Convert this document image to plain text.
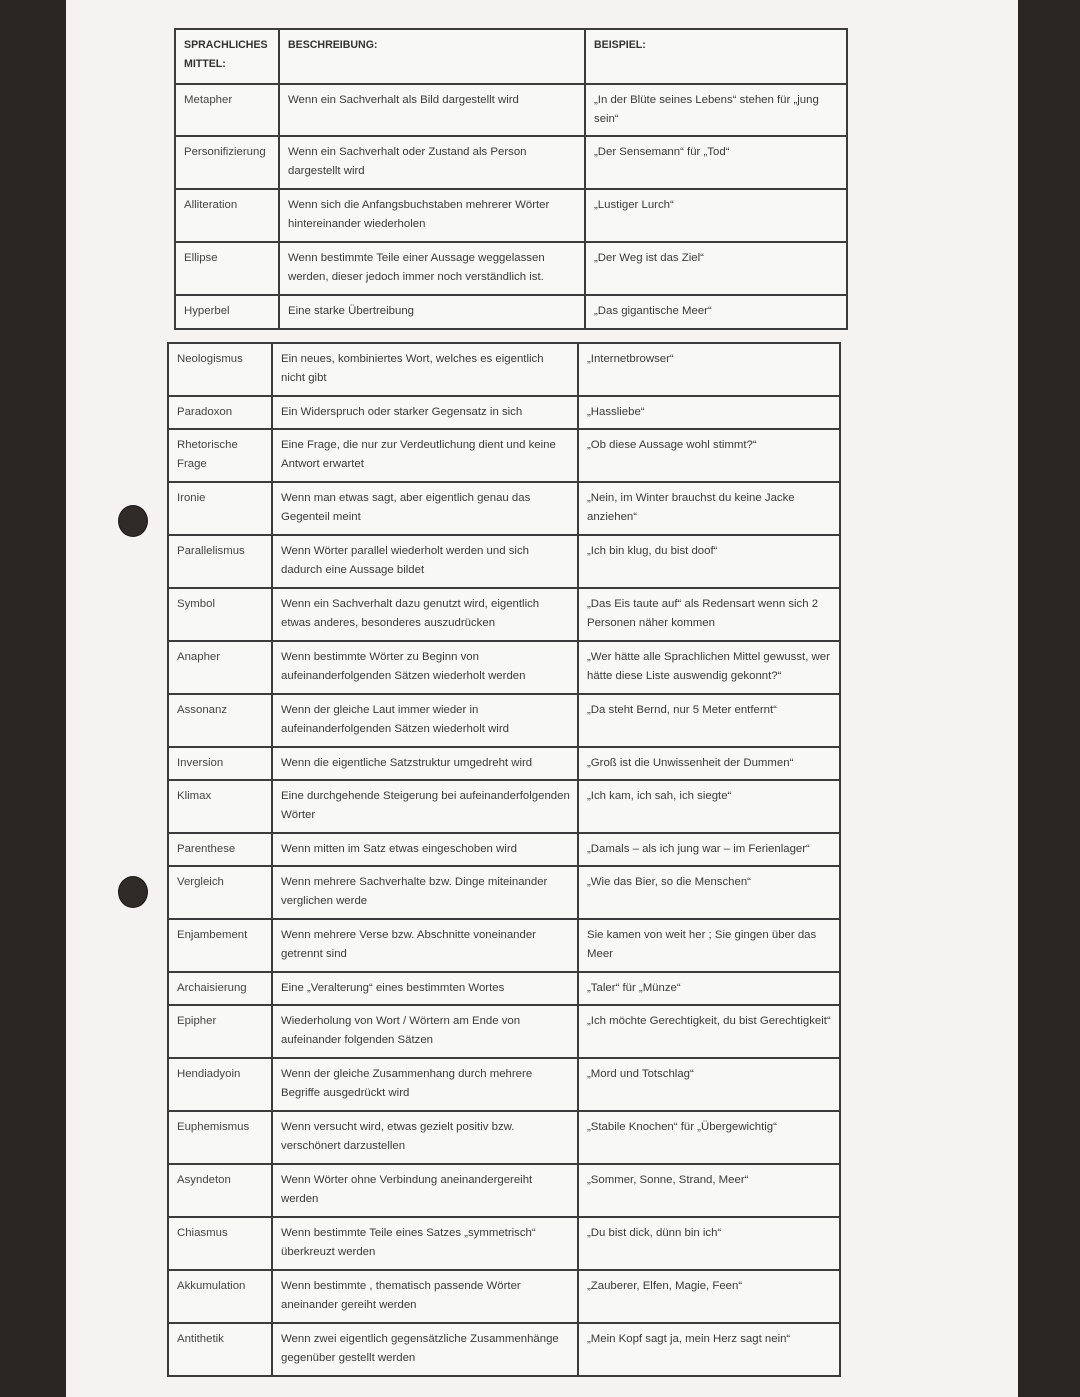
SPRACHLICHES
MITTEL:	BESCHREIBUNG:	BEISPIEL:
Metapher	Wenn ein Sachverhalt als Bild dargestellt wird	„In der Blüte seines Lebens“ stehen für „jung sein“
Personifizierung	Wenn ein Sachverhalt oder Zustand als Person dargestellt wird	„Der Sensemann“ für „Tod“
Alliteration	Wenn sich die Anfangsbuchstaben mehrerer Wörter hintereinander wiederholen	„Lustiger Lurch“
Ellipse	Wenn bestimmte Teile einer Aussage weggelassen werden, dieser jedoch immer noch verständlich ist.	„Der Weg ist das Ziel“
Hyperbel	Eine starke Übertreibung	„Das gigantische Meer“
Neologismus	Ein neues, kombiniertes Wort, welches es eigentlich nicht gibt	„Internetbrowser“
Paradoxon	Ein Widerspruch oder starker Gegensatz in sich	„Hassliebe“
Rhetorische Frage	Eine Frage, die nur zur Verdeutlichung dient und keine Antwort erwartet	„Ob diese Aussage wohl stimmt?“
Ironie	Wenn man etwas sagt, aber eigentlich genau das Gegenteil meint	„Nein, im Winter brauchst du keine Jacke anziehen“
Parallelismus	Wenn Wörter parallel wiederholt werden und sich dadurch eine Aussage bildet	„Ich bin klug, du bist doof“
Symbol	Wenn ein Sachverhalt dazu genutzt wird, eigentlich etwas anderes, besonderes auszudrücken	„Das Eis taute auf“ als Redensart wenn sich 2 Personen näher kommen
Anapher	Wenn bestimmte Wörter zu Beginn von aufeinanderfolgenden Sätzen wiederholt werden	„Wer hätte alle Sprachlichen Mittel gewusst, wer hätte diese Liste auswendig gekonnt?“
Assonanz	Wenn der gleiche Laut immer wieder in aufeinanderfolgenden Sätzen wiederholt wird	„Da steht Bernd, nur 5 Meter entfernt“
Inversion	Wenn die eigentliche Satzstruktur umgedreht wird	„Groß ist die Unwissenheit der Dummen“
Klimax	Eine durchgehende Steigerung bei aufeinanderfolgenden Wörter	„Ich kam, ich sah, ich siegte“
Parenthese	Wenn mitten im Satz etwas eingeschoben wird	„Damals – als ich jung war – im Ferienlager“
Vergleich	Wenn mehrere Sachverhalte bzw. Dinge miteinander verglichen werde	„Wie das Bier, so die Menschen“
Enjambement	Wenn mehrere Verse bzw. Abschnitte voneinander getrennt sind	Sie kamen von weit her ; Sie gingen über das Meer
Archaisierung	Eine „Veralterung“ eines bestimmten Wortes	„Taler“ für „Münze“
Epipher	Wiederholung von Wort / Wörtern am Ende von aufeinander folgenden Sätzen	„Ich möchte Gerechtigkeit, du bist Gerechtigkeit“
Hendiadyoin	Wenn der gleiche Zusammenhang durch mehrere Begriffe ausgedrückt wird	„Mord und Totschlag“
Euphemismus	Wenn versucht wird, etwas gezielt positiv bzw. verschönert darzustellen	„Stabile Knochen“ für „Übergewichtig“
Asyndeton	Wenn Wörter ohne Verbindung aneinandergereiht werden	„Sommer, Sonne, Strand, Meer“
Chiasmus	Wenn bestimmte Teile eines Satzes „symmetrisch“ überkreuzt werden	„Du bist dick, dünn bin ich“
Akkumulation	Wenn bestimmte , thematisch passende Wörter aneinander gereiht werden	„Zauberer, Elfen, Magie, Feen“
Antithetik	Wenn zwei eigentlich gegensätzliche Zusammenhänge gegenüber gestellt werden	„Mein Kopf sagt ja, mein Herz sagt nein“
